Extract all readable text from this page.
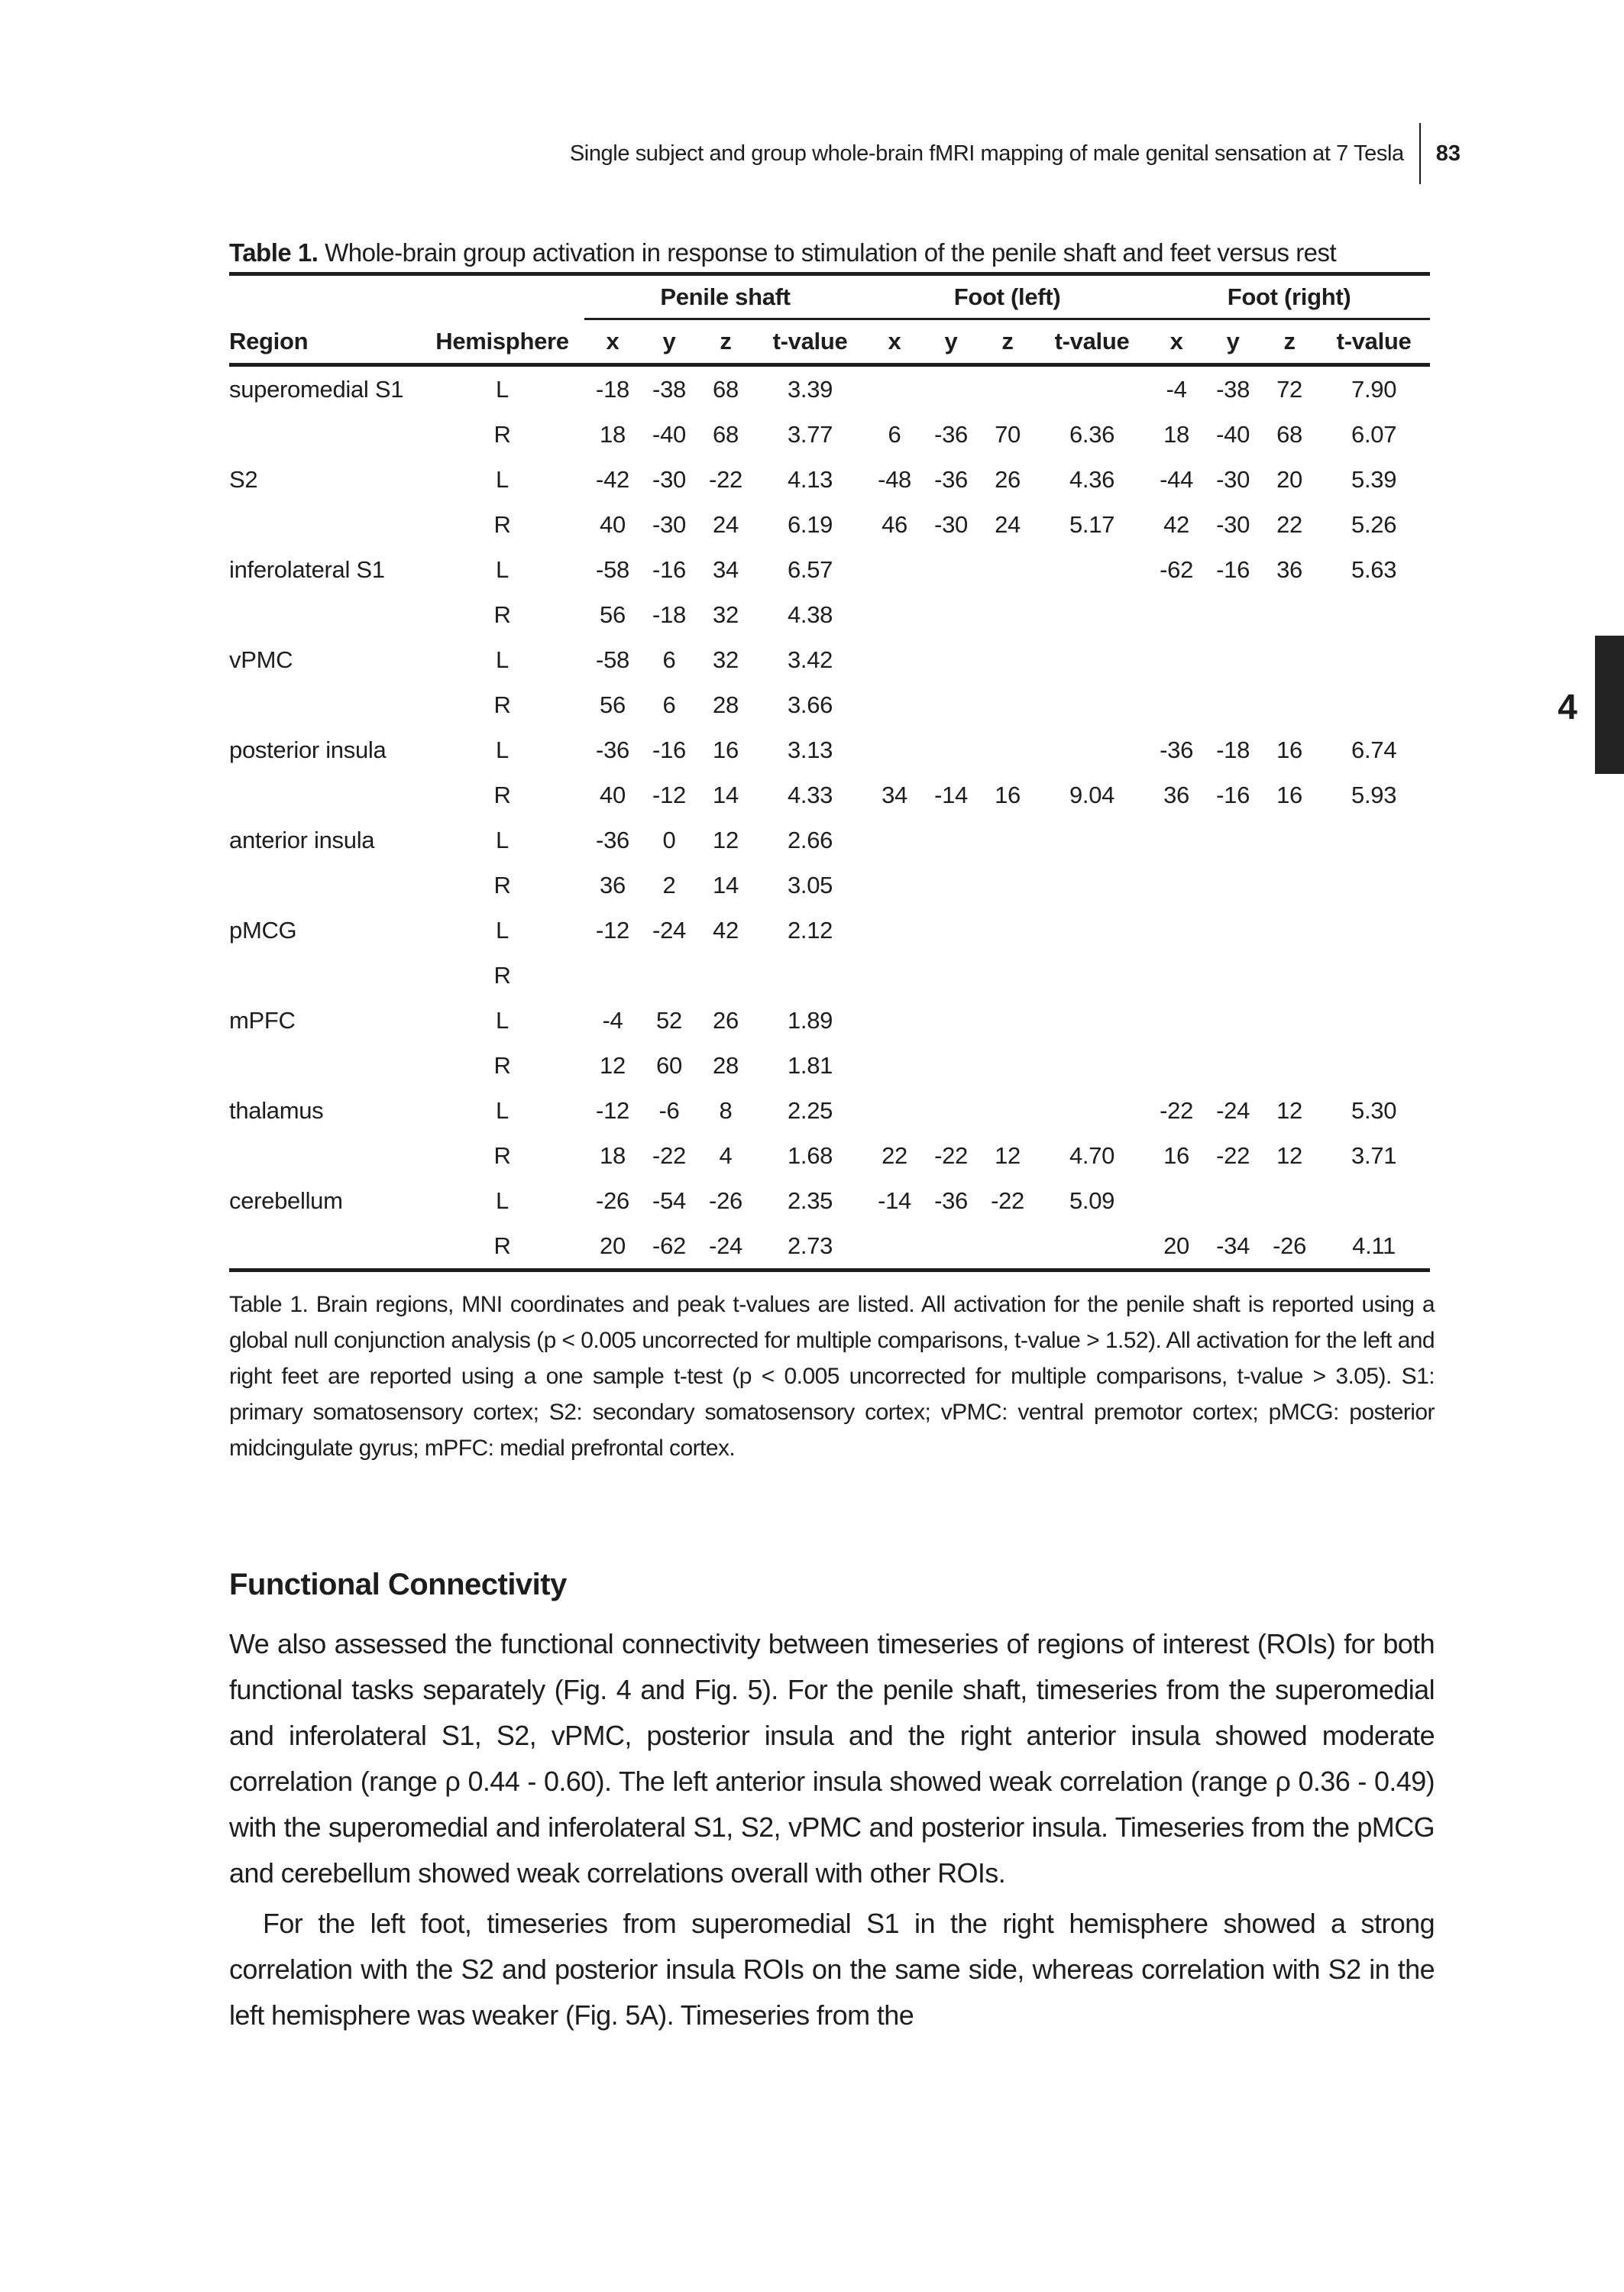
Single subject and group whole-brain fMRI mapping of male genital sensation at 7 Tesla 83
Table 1. Whole-brain group activation in response to stimulation of the penile shaft and feet versus rest
		Penile shaft				Foot (left)				Foot (right)			
Region	Hemisphere	x	y	z	t-value	x	y	z	t-value	x	y	z	t-value
superomedial S1	L	-18	-38	68	3.39					-4	-38	72	7.90
	R	18	-40	68	3.77	6	-36	70	6.36	18	-40	68	6.07
S2	L	-42	-30	-22	4.13	-48	-36	26	4.36	-44	-30	20	5.39
	R	40	-30	24	6.19	46	-30	24	5.17	42	-30	22	5.26
inferolateral S1	L	-58	-16	34	6.57					-62	-16	36	5.63
	R	56	-18	32	4.38								
vPMC	L	-58	6	32	3.42								
	R	56	6	28	3.66								
posterior insula	L	-36	-16	16	3.13					-36	-18	16	6.74
	R	40	-12	14	4.33	34	-14	16	9.04	36	-16	16	5.93
anterior insula	L	-36	0	12	2.66								
	R	36	2	14	3.05								
pMCG	L	-12	-24	42	2.12								
	R												
mPFC	L	-4	52	26	1.89								
	R	12	60	28	1.81								
thalamus	L	-12	-6	8	2.25					-22	-24	12	5.30
	R	18	-22	4	1.68	22	-22	12	4.70	16	-22	12	3.71
cerebellum	L	-26	-54	-26	2.35	-14	-36	-22	5.09				
	R	20	-62	-24	2.73					20	-34	-26	4.11

Table 1. Brain regions, MNI coordinates and peak t-values are listed. All activation for the penile shaft is reported using a global null conjunction analysis (p < 0.005 uncorrected for multiple comparisons, t-value > 1.52). All activation for the left and right feet are reported using a one sample t-test (p < 0.005 uncorrected for multiple comparisons, t-value > 3.05). S1: primary somatosensory cortex; S2: secondary somatosensory cortex; vPMC: ventral premotor cortex; pMCG: posterior midcingulate gyrus; mPFC: medial prefrontal cortex.

Functional Connectivity

We also assessed the functional connectivity between timeseries of regions of interest (ROIs) for both functional tasks separately (Fig. 4 and Fig. 5). For the penile shaft, timeseries from the superomedial and inferolateral S1, S2, vPMC, posterior insula and the right anterior insula showed moderate correlation (range ρ 0.44 - 0.60). The left anterior insula showed weak correlation (range ρ 0.36 - 0.49) with the superomedial and inferolateral S1, S2, vPMC and posterior insula. Timeseries from the pMCG and cerebellum showed weak correlations overall with other ROIs.

For the left foot, timeseries from superomedial S1 in the right hemisphere showed a strong correlation with the S2 and posterior insula ROIs on the same side, whereas correlation with S2 in the left hemisphere was weaker (Fig. 5A). Timeseries from the

4
